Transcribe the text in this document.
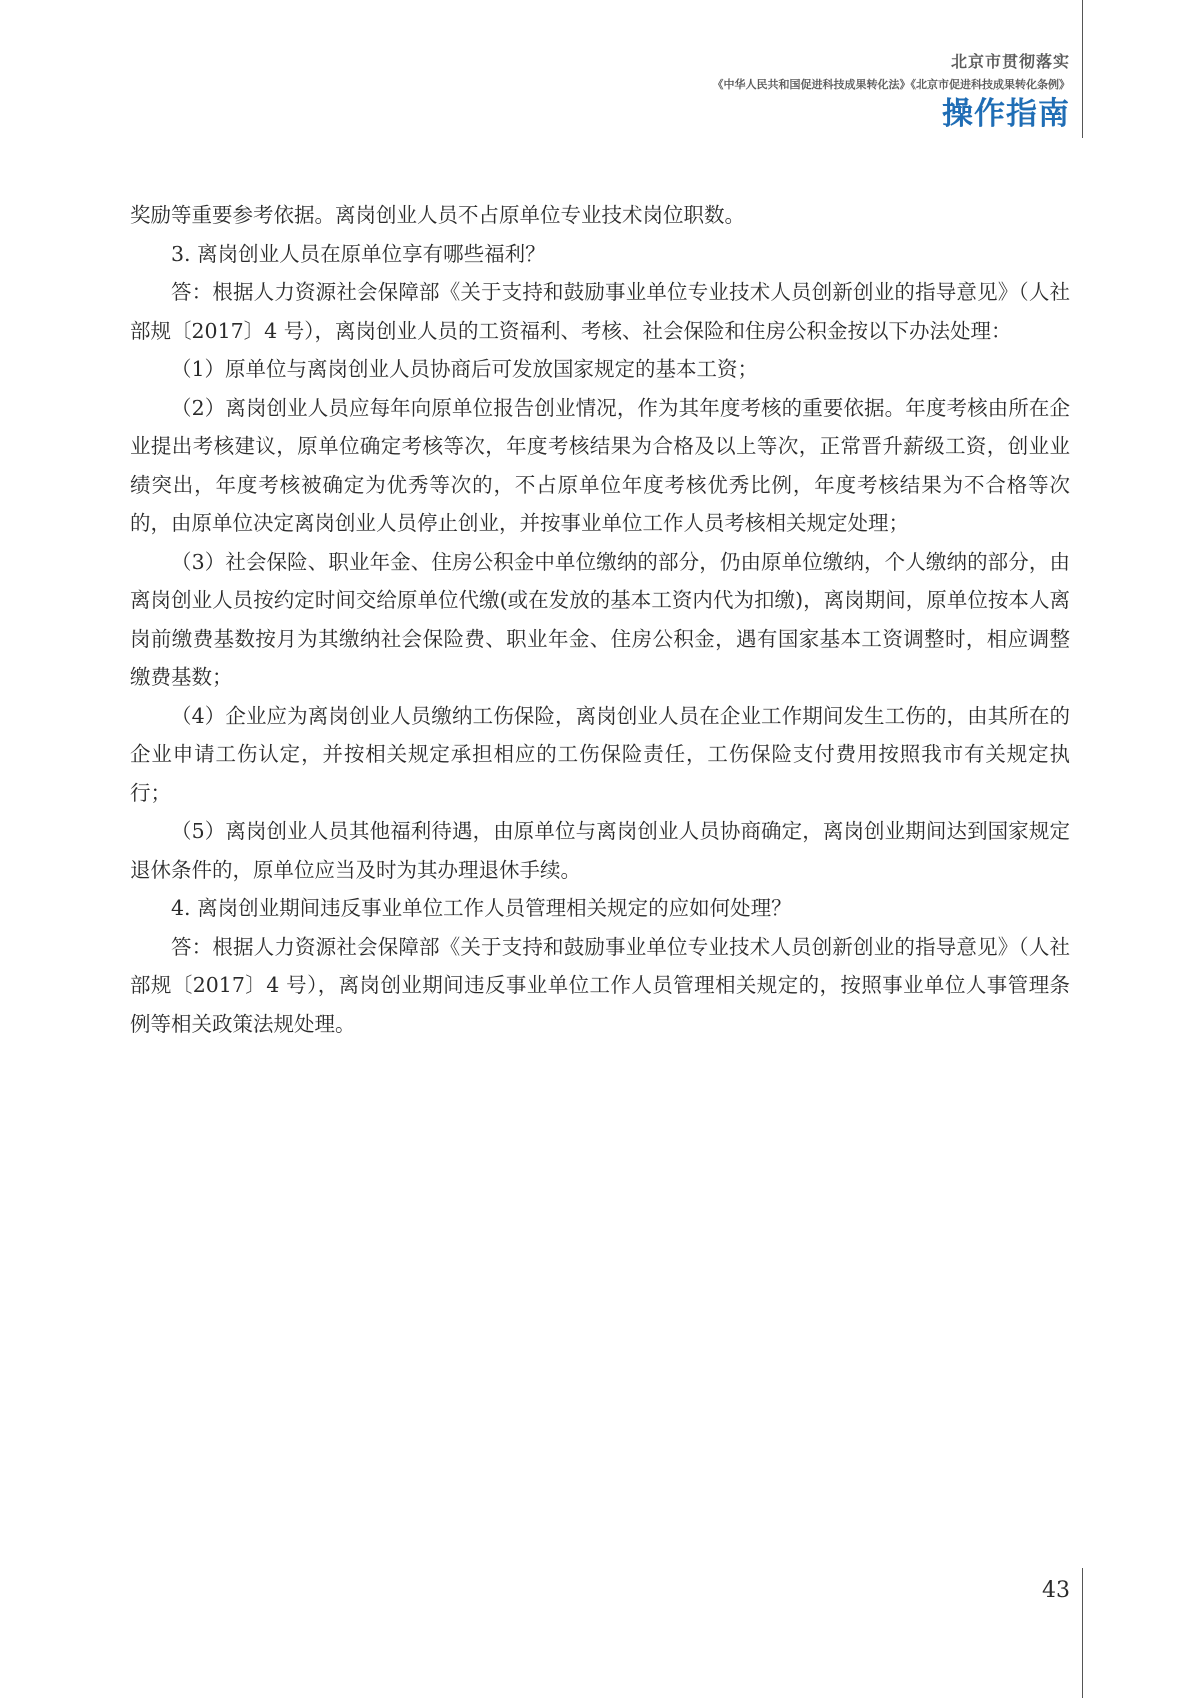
北京市贯彻落实
《中华人民共和国促进科技成果转化法》《北京市促进科技成果转化条例》
操作指南

奖励等重要参考依据。离岗创业人员不占原单位专业技术岗位职数。

3. 离岗创业人员在原单位享有哪些福利？

答：根据人力资源社会保障部《关于支持和鼓励事业单位专业技术人员创新创业的指导意见》（人社部规〔2017〕4 号），离岗创业人员的工资福利、考核、社会保险和住房公积金按以下办法处理：

（1）原单位与离岗创业人员协商后可发放国家规定的基本工资；

（2）离岗创业人员应每年向原单位报告创业情况，作为其年度考核的重要依据。年度考核由所在企业提出考核建议，原单位确定考核等次，年度考核结果为合格及以上等次，正常晋升薪级工资，创业业绩突出，年度考核被确定为优秀等次的，不占原单位年度考核优秀比例，年度考核结果为不合格等次的，由原单位决定离岗创业人员停止创业，并按事业单位工作人员考核相关规定处理；

（3）社会保险、职业年金、住房公积金中单位缴纳的部分，仍由原单位缴纳，个人缴纳的部分，由离岗创业人员按约定时间交给原单位代缴(或在发放的基本工资内代为扣缴)，离岗期间，原单位按本人离岗前缴费基数按月为其缴纳社会保险费、职业年金、住房公积金，遇有国家基本工资调整时，相应调整缴费基数；

（4）企业应为离岗创业人员缴纳工伤保险，离岗创业人员在企业工作期间发生工伤的，由其所在的企业申请工伤认定，并按相关规定承担相应的工伤保险责任，工伤保险支付费用按照我市有关规定执行；

（5）离岗创业人员其他福利待遇，由原单位与离岗创业人员协商确定，离岗创业期间达到国家规定退休条件的，原单位应当及时为其办理退休手续。

4. 离岗创业期间违反事业单位工作人员管理相关规定的应如何处理？

答：根据人力资源社会保障部《关于支持和鼓励事业单位专业技术人员创新创业的指导意见》（人社部规〔2017〕4 号），离岗创业期间违反事业单位工作人员管理相关规定的，按照事业单位人事管理条例等相关政策法规处理。

43
